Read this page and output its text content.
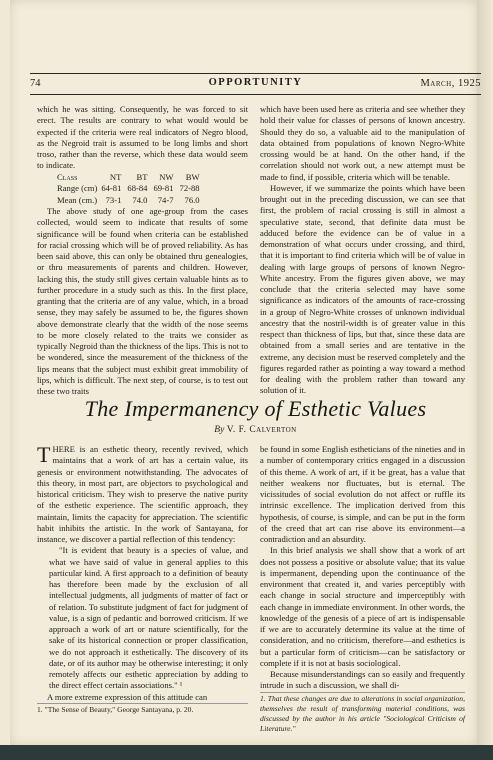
74	OPPORTUNITY	March, 1925

which he was sitting. Consequently, he was forced to sit erect. The results are contrary to what would would be expected if the criteria were real indicators of Negro blood, as the Negroid trait is assumed to be long limbs and short troso, rather than the reverse, which these data would seem to indicate.

Class	NT	BT	NW	BW
Range (cm)	64-81	68-84	69-81	72-88
Mean (cm.)	73-1	74.0	74-7	76.0

The above study of one age-group from the cases collected, would seem to indicate that results of some significance will be found when criteria can be established for racial crossing which will be of proved reliability. As has been said above, this can only be obtained thru genealogies, or thru measurements of parents and children. However, lacking this, the study still gives certain valuable hints as to further procedure in a study such as this. In the first place, granting that the criteria are of any value, which, in a broad sense, they may safely be assumed to be, the figures shown above demonstrate clearly that the width of the nose seems to be more closely related to the traits we consider as typically Negroid than the thickness of the lips. This is not to be wondered, since the measurement of the thickness of the lips means that the subject must exhibit great immobility of lips, which is difficult. The next step, of course, is to test out these two traits

which have been used here as criteria and see whether they hold their value for classes of persons of known ancestry. Should they do so, a valuable aid to the manipulation of data obtained from populations of known Negro-White crossing would be at hand. On the other hand, if the correlation should not work out, a new attempt must be made to find, if possible, criteria which will be tenable.

However, if we summarize the points which have been brought out in the preceding discussion, we can see that first, the problem of racial crossing is still in almost a speculative state, second, that definite data must be adduced before the evidence can be of value in a demonstration of what occurs under crossing, and third, that it is important to find criteria which will be of value in dealing with large groups of persons of known Negro-White ancestry. From the figures given above, we may conclude that the criteria selected may have some significance as indicators of the amounts of race-crossing in a group of Negro-White crosses of unknown individual ancestry that the nostril-width is of greater value in this respect than thickness of lips, but that, since these data are obtained from a small series and are tentative in the extreme, any decision must be reserved completely and the figures regarded rather as pointing a way toward a method for dealing with the problem rather than toward any solution of it.

The Impermanency of Esthetic Values
By V. F. Calverton

THERE is an esthetic theory, recently revived, which maintains that a work of art has a certain value, its genesis or environment notwithstanding. The advocates of this theory, in most part, are objectors to psychological and historical criticism. They wish to preserve the native purity of the esthetic experience. The scientific approach, they maintain, limits the capacity for appreciation. The scientific habit inhibits the artistic. In the work of Santayana, for instance, we discover a partial reflection of this tendency:

"It is evident that beauty is a species of value, and what we have said of value in general applies to this particular kind. A first approach to a definition of beauty has therefore been made by the exclusion of all intellectual judgments, all judgments of matter of fact or of relation. To substitute judgment of fact for judgment of value, is a sign of pedantic and borrowed criticism. If we approach a work of art or nature scientifically, for the sake of its historical connection or proper classification, we do not approach it esthetically. The discovery of its date, or of its author may be otherwise interesting; it only remotely affects our esthetic appreciation by adding to the direct effect certain associations." ¹

A more extreme expression of this attitude can

1. "The Sense of Beauty," George Santayana, p. 20.

be found in some English estheticians of the nineties and in a number of contemporary critics engaged in a discussion of this theme. A work of art, if it be great, has a value that neither weakens nor fluctuates, but is eternal. The vicissitudes of social evolution do not affect or ruffle its intrinsic excellence. The implication derived from this hypothesis, of course, is simple, and can be put in the form of the creed that art can rise above its environment—a contradiction and an absurdity.

In this brief analysis we shall show that a work of art does not possess a positive or absolute value; that its value is impermanent, depending upon the continuance of the environment that created it, and varies perceptibly with each change in social structure and imperceptibly with each change in immediate environment. In other words, the knowledge of the genesis of a piece of art is indispensable if we are to accurately determine its value at the time of consideration, and no criticism, therefore—and esthetics is but a particular form of criticism—can be satisfactory or complete if it is not at basis sociological.

Because misunderstandings can so easily and frequently intrude in such a discussion, we shall di-

1. That these changes are due to alterations in social organization, themselves the result of transforming material conditions, was discussed by the author in his article "Sociological Criticism of Literature."
